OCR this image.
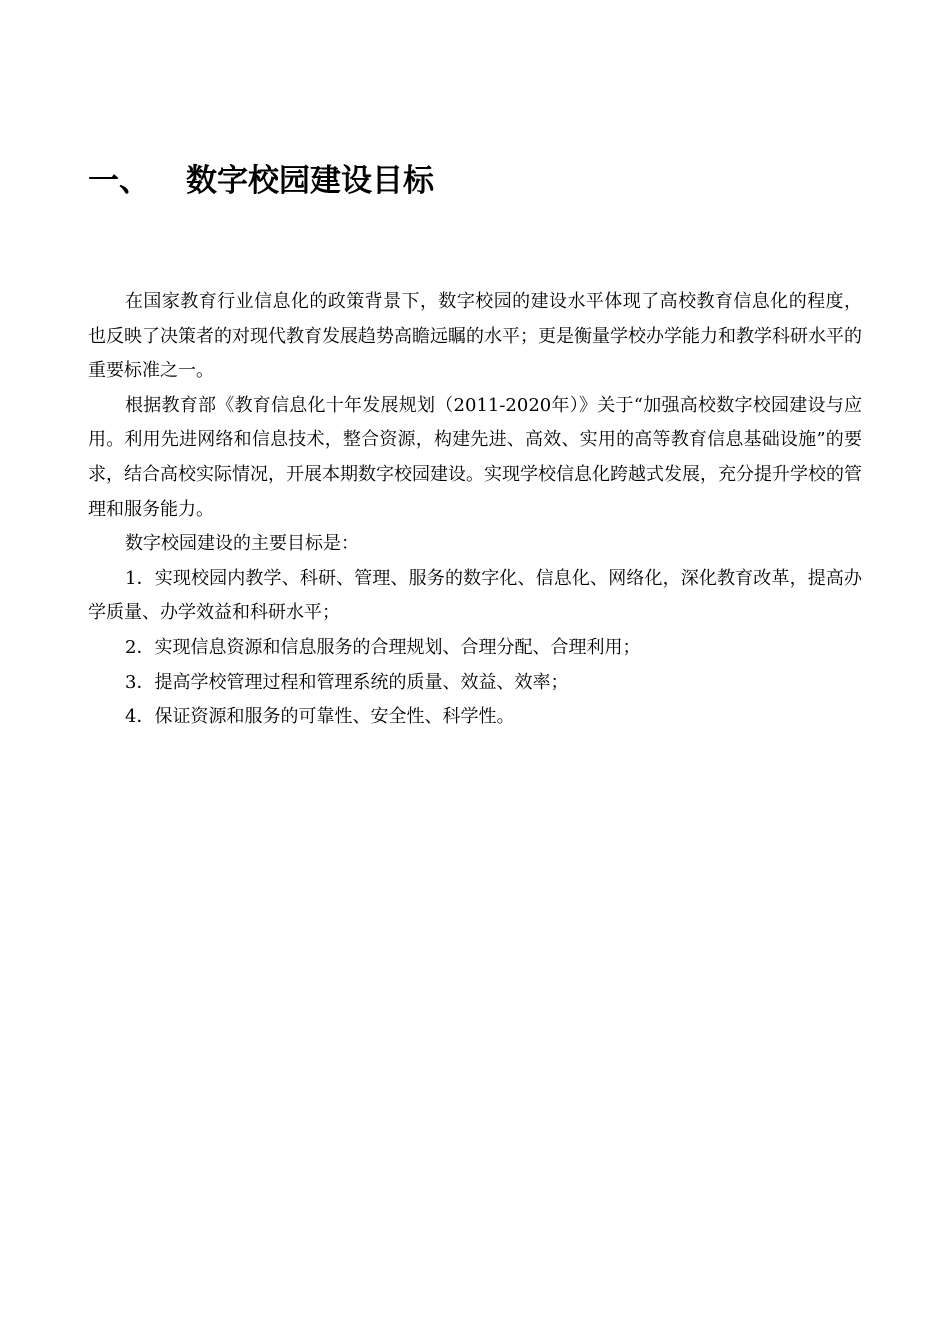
一、 数字校园建设目标

在国家教育行业信息化的政策背景下，数字校园的建设水平体现了高校教育信息化的程度，也反映了决策者的对现代教育发展趋势高瞻远瞩的水平；更是衡量学校办学能力和教学科研水平的重要标准之一。

根据教育部《教育信息化十年发展规划（2011-2020年）》关于“加强高校数字校园建设与应用。利用先进网络和信息技术，整合资源，构建先进、高效、实用的高等教育信息基础设施”的要求，结合高校实际情况，开展本期数字校园建设。实现学校信息化跨越式发展，充分提升学校的管理和服务能力。

数字校园建设的主要目标是：

1．实现校园内教学、科研、管理、服务的数字化、信息化、网络化，深化教育改革，提高办学质量、办学效益和科研水平；

2．实现信息资源和信息服务的合理规划、合理分配、合理利用；

3．提高学校管理过程和管理系统的质量、效益、效率；

4．保证资源和服务的可靠性、安全性、科学性。
